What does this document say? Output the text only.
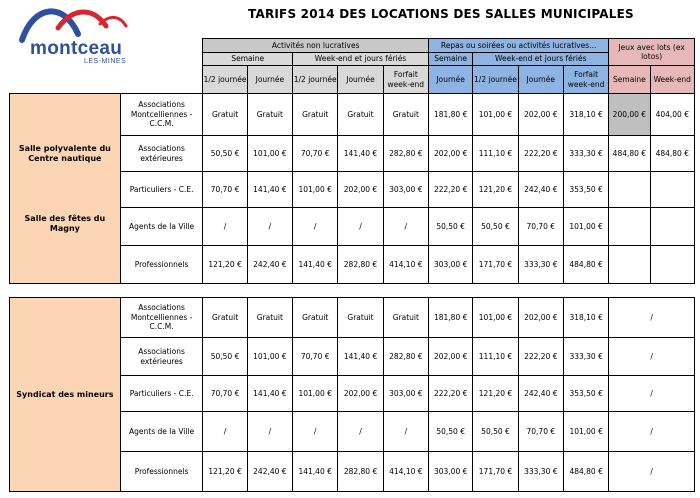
montceau
LES-MINES
TARIFS 2014 DES LOCATIONS DES SALLES MUNICIPALES
		Activités non lucratives					Repas ou soirées ou activités lucratives...				Jeux avec lots (ex lotos)	
		Semaine		Week-end et jours fériés			Semaine	Week-end et jours fériés				
		1/2 journée	Journée	1/2 journée	Journée	Forfait week-end	Journée	1/2 journée	Journée	Forfait week-end	Semaine	Week-end

Salle polyvalente du Centre nautique
Salle des fêtes du Magny	Associations Montcelliennes - C.C.M.	Gratuit	Gratuit	Gratuit	Gratuit	Gratuit	181,80 €	101,00 €	202,00 €	318,10 €	200,00 €	404,00 €
	Associations extérieures	50,50 €	101,00 €	70,70 €	141,40 €	282,80 €	202,00 €	111,10 €	222,20 €	333,30 €	484,80 €	484,80 €
	Particuliers - C.E.	70,70 €	141,40 €	101,00 €	202,00 €	303,00 €	222,20 €	121,20 €	242,40 €	353,50 €		
	Agents de la Ville	/	/	/	/	/	50,50 €	50,50 €	70,70 €	101,00 €		
	Professionnels	121,20 €	242,40 €	141,40 €	282,80 €	414,10 €	303,00 €	171,70 €	333,30 €	484,80 €		
Syndicat des mineurs	Associations Montcelliennes - C.C.M.	Gratuit	Gratuit	Gratuit	Gratuit	Gratuit	181,80 €	101,00 €	202,00 €	318,10 €	/
	Associations extérieures	50,50 €	101,00 €	70,70 €	141,40 €	282,80 €	202,00 €	111,10 €	222,20 €	333,30 €	/
	Particuliers - C.E.	70,70 €	141,40 €	101,00 €	202,00 €	303,00 €	222,20 €	121,20 €	242,40 €	353,50 €	/
	Agents de la Ville	/	/	/	/	/	50,50 €	50,50 €	70,70 €	101,00 €	/
	Professionnels	121,20 €	242,40 €	141,40 €	282,80 €	414,10 €	303,00 €	171,70 €	333,30 €	484,80 €	/
